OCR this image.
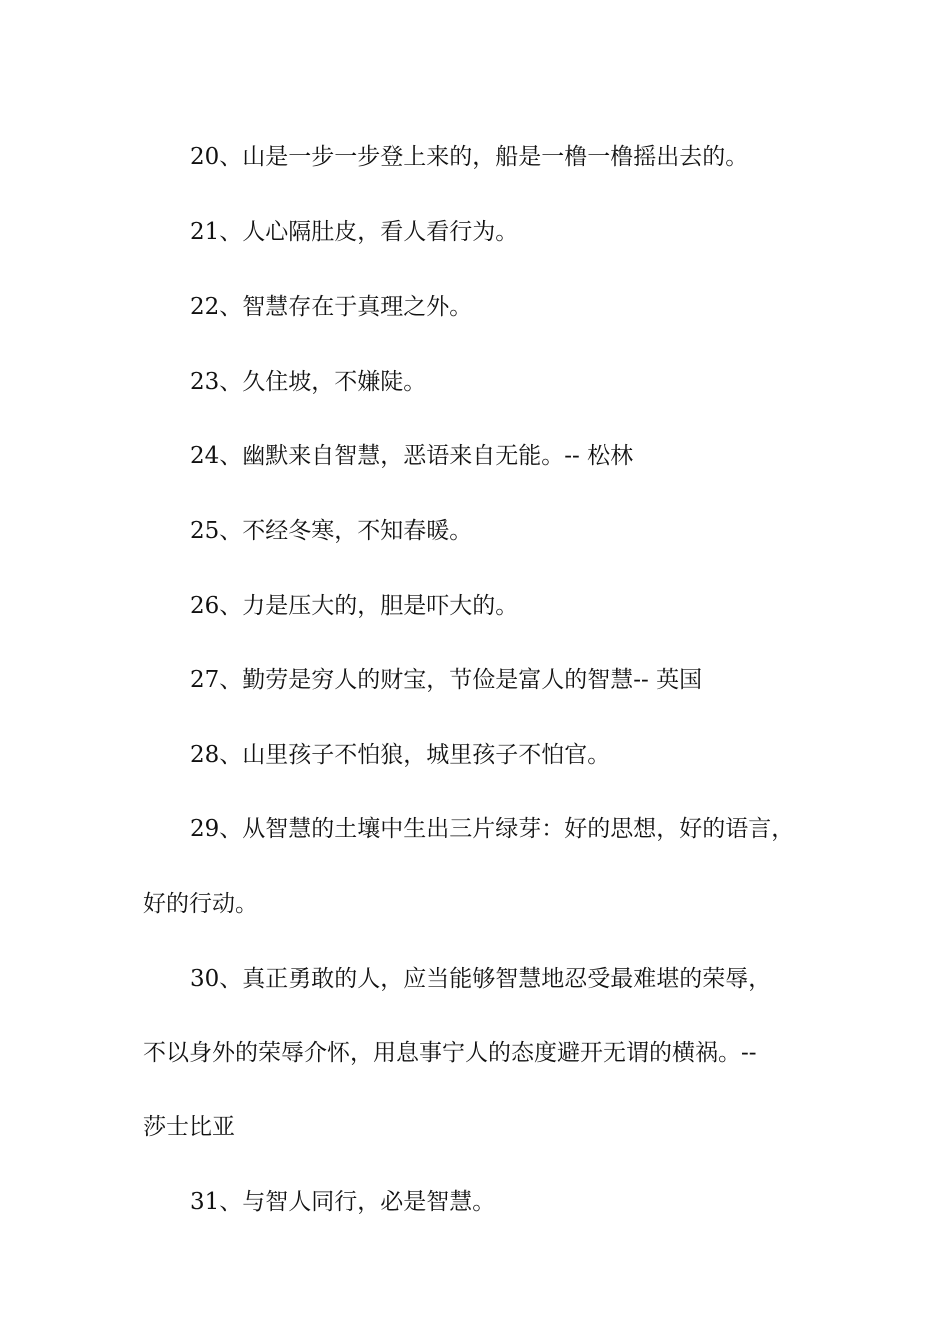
20、山是一步一步登上来的，船是一橹一橹摇出去的。

21、人心隔肚皮，看人看行为。

22、智慧存在于真理之外。

23、久住坡，不嫌陡。

24、幽默来自智慧，恶语来自无能。-- 松林

25、不经冬寒，不知春暖。

26、力是压大的，胆是吓大的。

27、勤劳是穷人的财宝，节俭是富人的智慧-- 英国

28、山里孩子不怕狼，城里孩子不怕官。

29、从智慧的土壤中生出三片绿芽：好的思想，好的语言，
好的行动。

30、真正勇敢的人，应当能够智慧地忍受最难堪的荣辱，
不以身外的荣辱介怀，用息事宁人的态度避开无谓的横祸。--
莎士比亚

31、与智人同行，必是智慧。
